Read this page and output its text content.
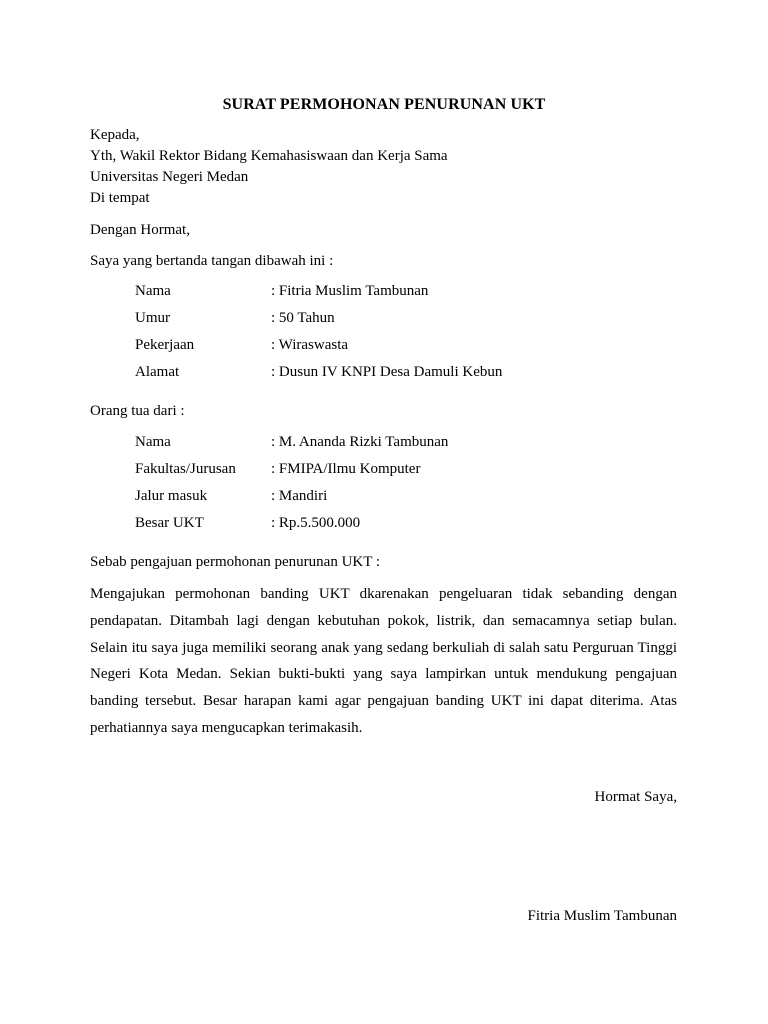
SURAT PERMOHONAN PENURUNAN UKT
Kepada,
Yth, Wakil Rektor Bidang Kemahasiswaan dan Kerja Sama
Universitas Negeri Medan
Di tempat
Dengan Hormat,
Saya yang bertanda tangan dibawah ini :
Nama	: Fitria Muslim Tambunan
Umur	: 50 Tahun
Pekerjaan	: Wiraswasta
Alamat	: Dusun IV KNPI Desa Damuli Kebun
Orang tua dari :
Nama	: M. Ananda Rizki Tambunan
Fakultas/Jurusan : FMIPA/Ilmu Komputer
Jalur masuk	: Mandiri
Besar UKT	: Rp.5.500.000
Sebab pengajuan permohonan penurunan UKT :
Mengajukan permohonan banding UKT dkarenakan pengeluaran tidak sebanding dengan pendapatan. Ditambah lagi dengan kebutuhan pokok, listrik, dan semacamnya setiap bulan. Selain itu saya juga memiliki seorang anak yang sedang berkuliah di salah satu Perguruan Tinggi Negeri Kota Medan. Sekian bukti-bukti yang saya lampirkan untuk mendukung pengajuan banding tersebut. Besar harapan kami agar pengajuan banding UKT ini dapat diterima. Atas perhatiannya saya mengucapkan terimakasih.
Hormat Saya,
Fitria Muslim Tambunan
